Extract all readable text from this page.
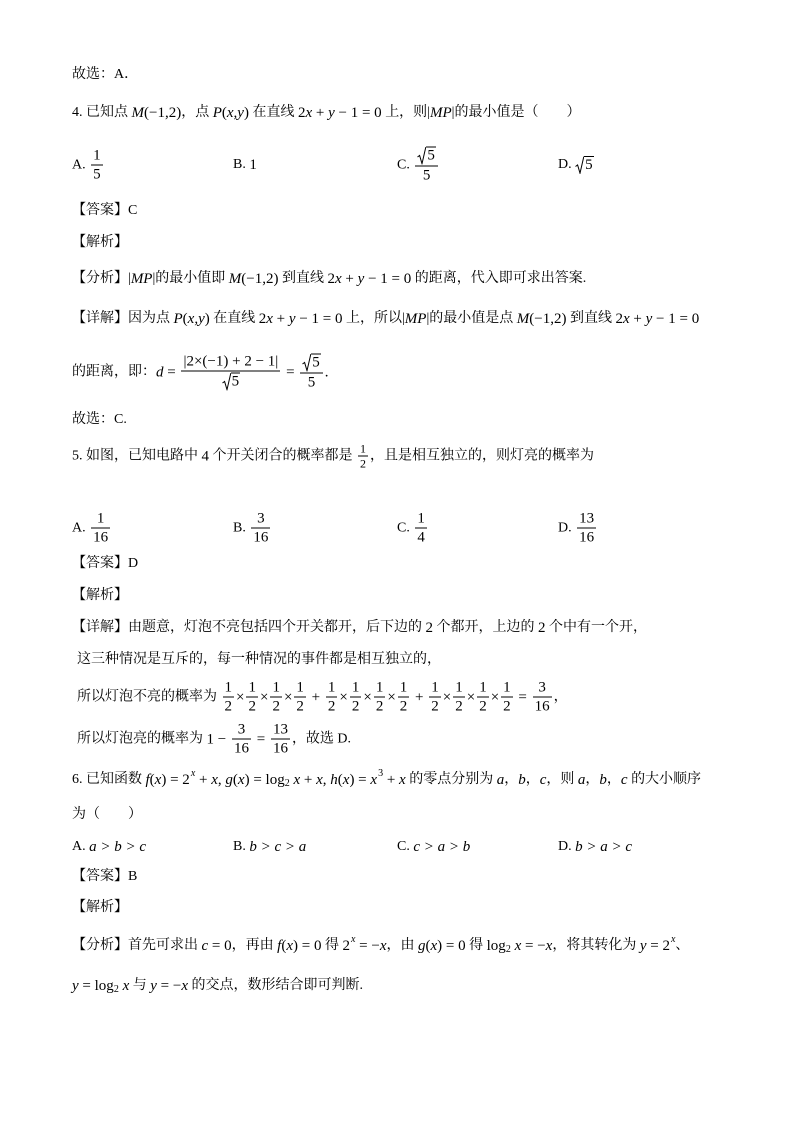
故选：A．
4. 已知点 M (−1,2) ，点 P ( x,y ) 在直线 2 x + y − 1 = 0 上，则| MP |的最小值是（　　）
A. $\frac{1}{5}$	B. 1	C. $\frac{5}{5}$	D. 5
【答案】C
【解析】
【分析】| MP |的最小值即 M (−1,2) 到直线 2 x + y − 1 = 0 的距离，代入即可求出答案.
【详解】因为点 P ( x,y ) 在直线 2 x + y − 1 = 0 上，所以| MP |的最小值是点 M (−1,2) 到直线 2 x + y − 1 = 0
的距离，即： $d = \frac{|2\times(-1) + 2 - 1|}{5} = \frac{5}{5}$ .
故选：C.
5. 如图，已知电路中 4 个开关闭合的概率都是 $\frac{1}{2}$ ，且是相互独立的，则灯亮的概率为
A. $\frac{1}{16}$	B. $\frac{3}{16}$	C. $\frac{1}{4}$	D. $\frac{13}{16}$
【答案】D
【解析】
【详解】由题意，灯泡不亮包括四个开关都开，后下边的 2 个都开，上边的 2 个中有一个开，
这三种情况是互斥的，每一种情况的事件都是相互独立的，
所以灯泡不亮的概率为 $\frac{1}{2} \times \frac{1}{2} \times \frac{1}{2} \times \frac{1}{2} + \frac{1}{2} \times \frac{1}{2} \times \frac{1}{2} \times \frac{1}{2} + \frac{1}{2} \times \frac{1}{2} \times \frac{1}{2} \times \frac{1}{2} = \frac{3}{16}$ ，
所以灯泡亮的概率为 $1 - \frac{3}{16} = \frac{13}{16}$ ，故选 D.
6. 已知函数 f ( x ) = 2 x + x , g ( x ) = log 2 x + x , h ( x ) = x 3 + x 的零点分别为 a ， b ， c ，则 a ， b ， c 的大小顺序
为（　　）
A. a > b > c	B. b > c > a	C. c > a > b	D. b > a > c
【答案】B
【解析】
【分析】首先可求出 c = 0 ，再由 f ( x ) = 0 得 2 x = − x ，由 g ( x ) = 0 得 log 2 x = − x ，将其转化为 y = 2 x 、
y = log 2 x 与 y = − x 的交点，数形结合即可判断.
